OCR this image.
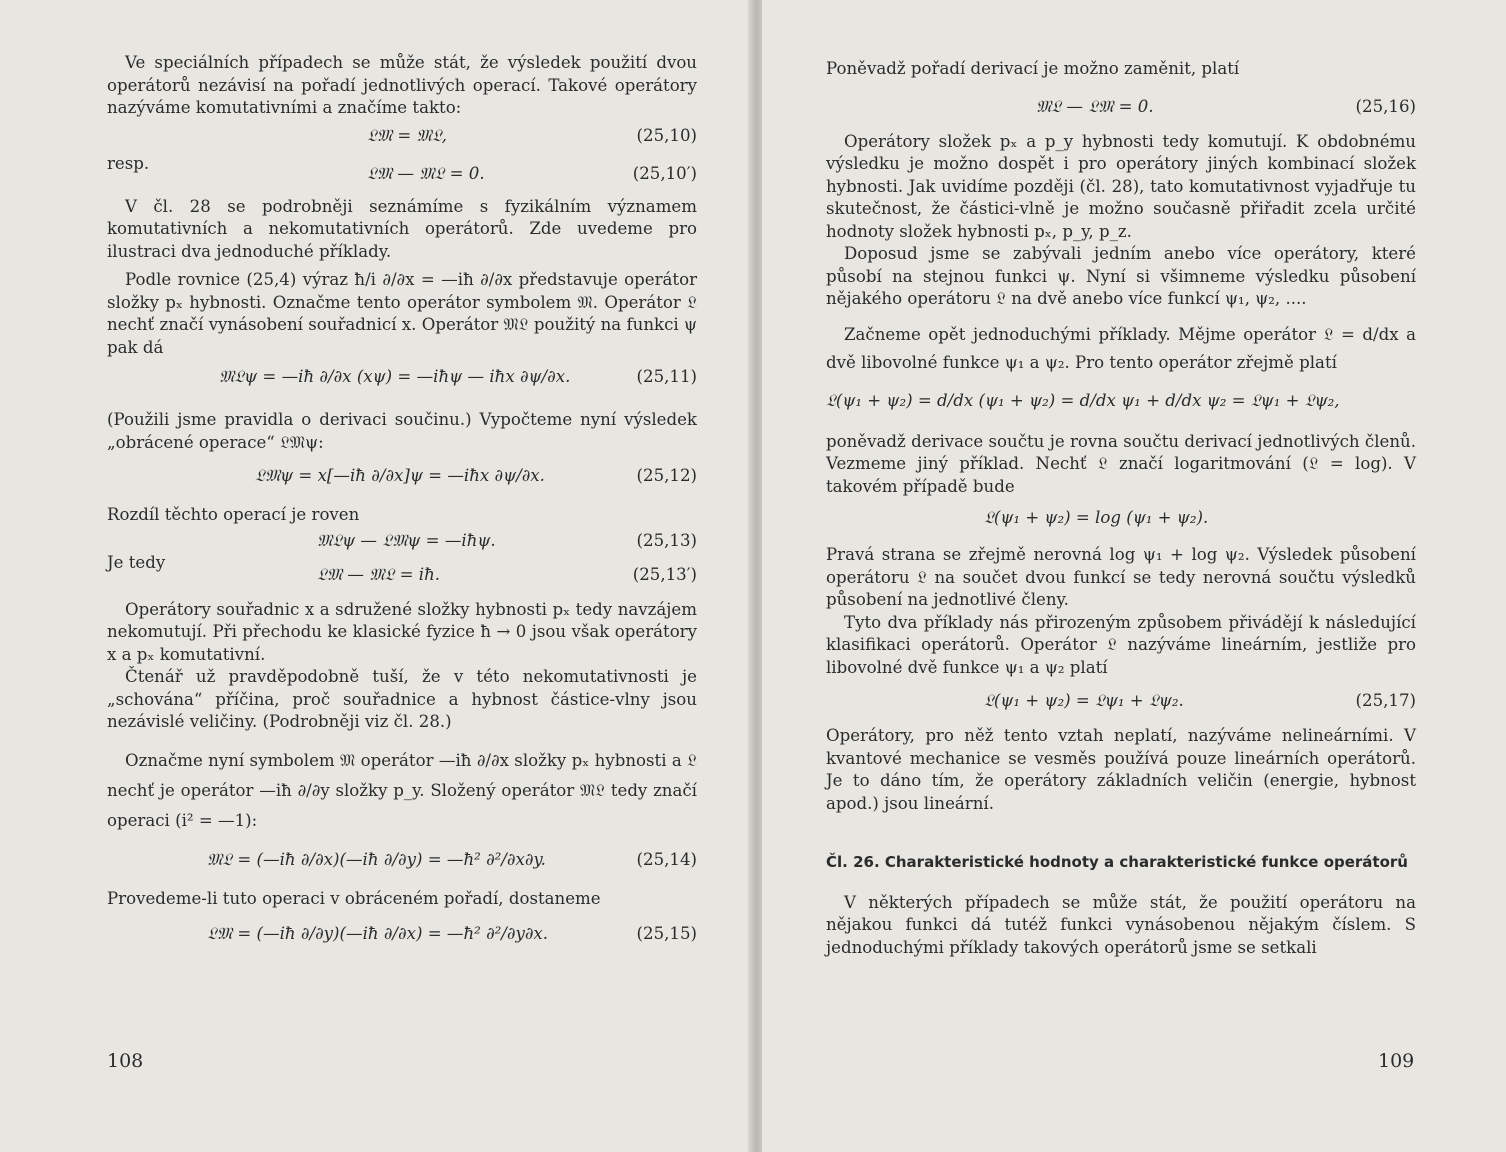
Ve speciálních případech se může stát, že výsledek použití dvou operátorů nezávisí na pořadí jednotlivých operací. Takové operátory nazýváme komutativními a značíme takto:

𝔏𝔐 = 𝔐𝔏,	(25,10)
resp.
𝔏𝔐 — 𝔐𝔏 = 0.	(25,10′)

V čl. 28 se podrobněji seznámíme s fyzikálním významem komutativních a nekomutativních operátorů. Zde uvedeme pro ilustraci dva jednoduché příklady.

Podle rovnice (25,4) výraz ħ/i ∂/∂x = —iħ ∂/∂x představuje operátor složky pₓ hybnosti. Označme tento operátor symbolem 𝔐. Operátor 𝔏 nechť značí vynásobení souřadnicí x. Operátor 𝔐𝔏 použitý na funkci ψ pak dá

𝔐𝔏ψ = —iħ ∂/∂x (xψ) = —iħψ — iħx ∂ψ/∂x.	(25,11)

(Použili jsme pravidla o derivaci součinu.) Vypočteme nyní výsledek „obrácené operace“ 𝔏𝔐ψ:

𝔏𝔐ψ = x[—iħ ∂/∂x]ψ = —iħx ∂ψ/∂x.	(25,12)

Rozdíl těchto operací je roven

𝔐𝔏ψ — 𝔏𝔐ψ = —iħψ.	(25,13)
Je tedy
𝔏𝔐 — 𝔐𝔏 = iħ.	(25,13′)

Operátory souřadnic x a sdružené složky hybnosti pₓ tedy navzájem nekomutují. Při přechodu ke klasické fyzice ħ → 0 jsou však operátory x a pₓ komutativní.

Čtenář už pravděpodobně tuší, že v této nekomutativnosti je „schována“ příčina, proč souřadnice a hybnost částice-vlny jsou nezávislé veličiny. (Podrobněji viz čl. 28.)

Označme nyní symbolem 𝔐 operátor —iħ ∂/∂x složky pₓ hybnosti a 𝔏 nechť je operátor —iħ ∂/∂y složky p_y. Složený operátor 𝔐𝔏 tedy značí operaci (i² = —1):

𝔐𝔏 = (—iħ ∂/∂x)(—iħ ∂/∂y) = —ħ² ∂²/∂x∂y.	(25,14)

Provedeme-li tuto operaci v obráceném pořadí, dostaneme

𝔏𝔐 = (—iħ ∂/∂y)(—iħ ∂/∂x) = —ħ² ∂²/∂y∂x.	(25,15)
108

Poněvadž pořadí derivací je možno zaměnit, platí

𝔐𝔏 — 𝔏𝔐 = 0.	(25,16)

Operátory složek pₓ a p_y hybnosti tedy komutují. K obdobnému výsledku je možno dospět i pro operátory jiných kombinací složek hybnosti. Jak uvidíme později (čl. 28), tato komutativnost vyjadřuje tu skutečnost, že částici-vlně je možno současně přiřadit zcela určité hodnoty složek hybnosti pₓ, p_y, p_z.

Doposud jsme se zabývali jedním anebo více operátory, které působí na stejnou funkci ψ. Nyní si všimneme výsledku působení nějakého operátoru 𝔏 na dvě anebo více funkcí ψ₁, ψ₂, ....

Začneme opět jednoduchými příklady. Mějme operátor 𝔏 = d/dx a dvě libovolné funkce ψ₁ a ψ₂. Pro tento operátor zřejmě platí

𝔏(ψ₁ + ψ₂) = d/dx (ψ₁ + ψ₂) = d/dx ψ₁ + d/dx ψ₂ = 𝔏ψ₁ + 𝔏ψ₂,

poněvadž derivace součtu je rovna součtu derivací jednotlivých členů. Vezmeme jiný příklad. Nechť 𝔏 značí logaritmování (𝔏 = log). V takovém případě bude

𝔏(ψ₁ + ψ₂) = log (ψ₁ + ψ₂).

Pravá strana se zřejmě nerovná log ψ₁ + log ψ₂. Výsledek působení operátoru 𝔏 na součet dvou funkcí se tedy nerovná součtu výsledků působení na jednotlivé členy.

Tyto dva příklady nás přirozeným způsobem přivádějí k následující klasifikaci operátorů. Operátor 𝔏 nazýváme lineárním, jestliže pro libovolné dvě funkce ψ₁ a ψ₂ platí

𝔏(ψ₁ + ψ₂) = 𝔏ψ₁ + 𝔏ψ₂.	(25,17)

Operátory, pro něž tento vztah neplatí, nazýváme nelineárními. V kvantové mechanice se vesměs používá pouze lineárních operátorů. Je to dáno tím, že operátory základních veličin (energie, hybnost apod.) jsou lineární.

Čl. 26. Charakteristické hodnoty a charakteristické funkce operátorů

V některých případech se může stát, že použití operátoru na nějakou funkci dá tutéž funkci vynásobenou nějakým číslem. S jednoduchými příklady takových operátorů jsme se setkali

109
